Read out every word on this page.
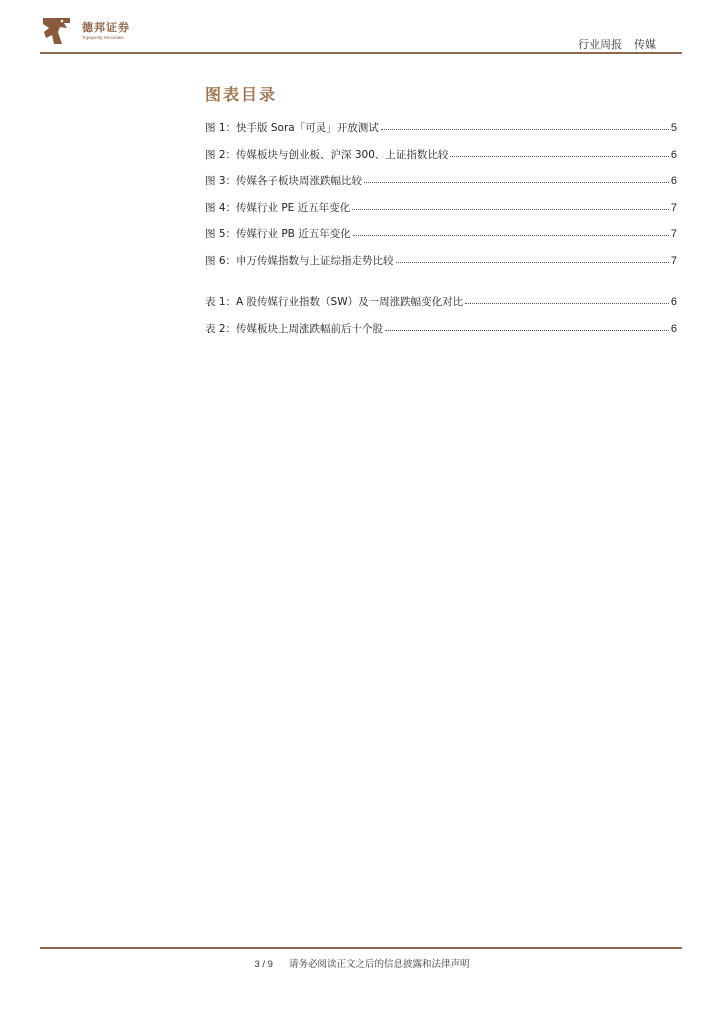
德邦证券
Topsperity Securities
行业周报 传媒
图表目录
图 1：快手版 Sora「可灵」开放测试	5
图 2：传媒板块与创业板、沪深 300、上证指数比较	6
图 3：传媒各子板块周涨跌幅比较	6
图 4：传媒行业 PE 近五年变化	7
图 5：传媒行业 PB 近五年变化	7
图 6：申万传媒指数与上证综指走势比较	7
表 1：A 股传媒行业指数（SW）及一周涨跌幅变化对比	6
表 2：传媒板块上周涨跌幅前后十个股	6
3 / 9 请务必阅读正文之后的信息披露和法律声明
